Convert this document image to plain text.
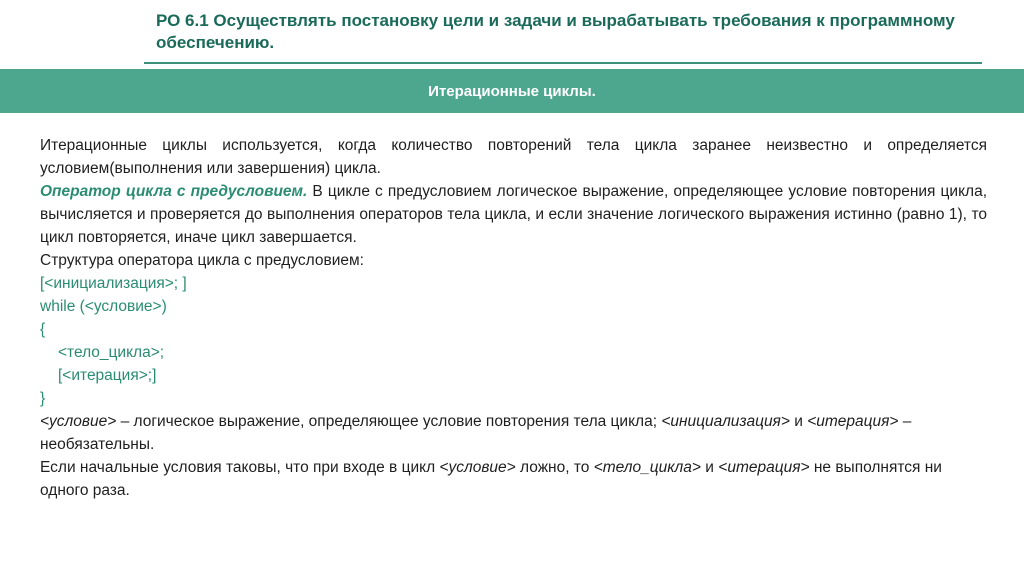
РО 6.1 Осуществлять постановку цели и задачи и вырабатывать требования к программному обеспечению.
Итерационные циклы.

Итерационные циклы используется, когда количество повторений тела цикла заранее неизвестно и определяется условием(выполнения или завершения) цикла.

Оператор цикла с предусловием. В цикле с предусловием логическое выражение, определяющее условие повторения цикла, вычисляется и проверяется до выполнения операторов тела цикла, и если значение логического выражения истинно (равно 1), то цикл повторяется, иначе цикл завершается.

Структура оператора цикла с предусловием:

[<инициализация>; ]

while (<условие>)

{

<тело_цикла>;

[<итерация>;]

}

<условие> – логическое выражение, определяющее условие повторения тела цикла; <инициализация> и <итерация> –необязательны.

Если начальные условия таковы, что при входе в цикл <условие> ложно, то <тело_цикла> и <итерация> не выполнятся ни одного раза.
